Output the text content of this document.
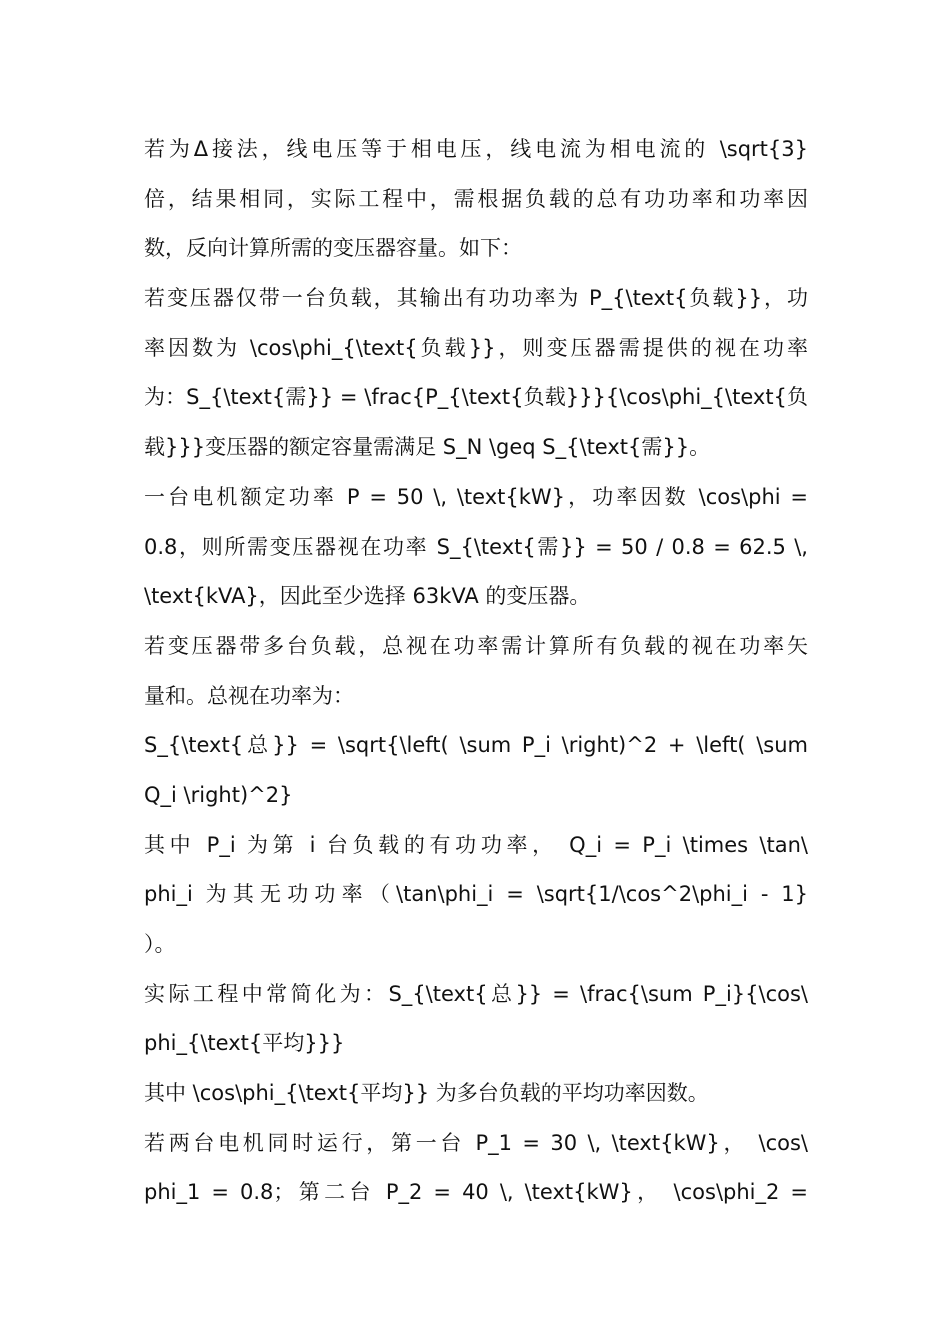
若为Δ接法，线电压等于相电压，线电流为相电流的 \sqrt{3}
倍，结果相同，实际工程中，需根据负载的总有功功率和功率因
数，反向计算所需的变压器容量。如下：
若变压器仅带一台负载，其输出有功功率为 P_{\text{负载}}，功
率因数为 \cos\phi_{\text{负载}}，则变压器需提供的视在功率
为：S_{\text{需}} = \frac{P_{\text{负载}}}{\cos\phi_{\text{负
载}}}变压器的额定容量需满足 S_N \geq S_{\text{需}}。
一台电机额定功率 P = 50 \, \text{kW}，功率因数 \cos\phi =
0.8，则所需变压器视在功率 S_{\text{需}} = 50 / 0.8 = 62.5 \,
\text{kVA}，因此至少选择 63kVA 的变压器。
若变压器带多台负载，总视在功率需计算所有负载的视在功率矢
量和。总视在功率为：
S_{\text{总}} = \sqrt{\left( \sum P_i \right)^2 + \left( \sum
Q_i \right)^2}
其中 P_i 为第 i 台负载的有功功率， Q_i = P_i \times \tan\
phi_i 为其无功功率（\tan\phi_i = \sqrt{1/\cos^2\phi_i - 1}
）。
实际工程中常简化为：S_{\text{总}} = \frac{\sum P_i}{\cos\
phi_{\text{平均}}}
其中 \cos\phi_{\text{平均}} 为多台负载的平均功率因数。
若两台电机同时运行，第一台 P_1 = 30 \, \text{kW}， \cos\
phi_1 = 0.8；第二台 P_2 = 40 \, \text{kW}， \cos\phi_2 =
